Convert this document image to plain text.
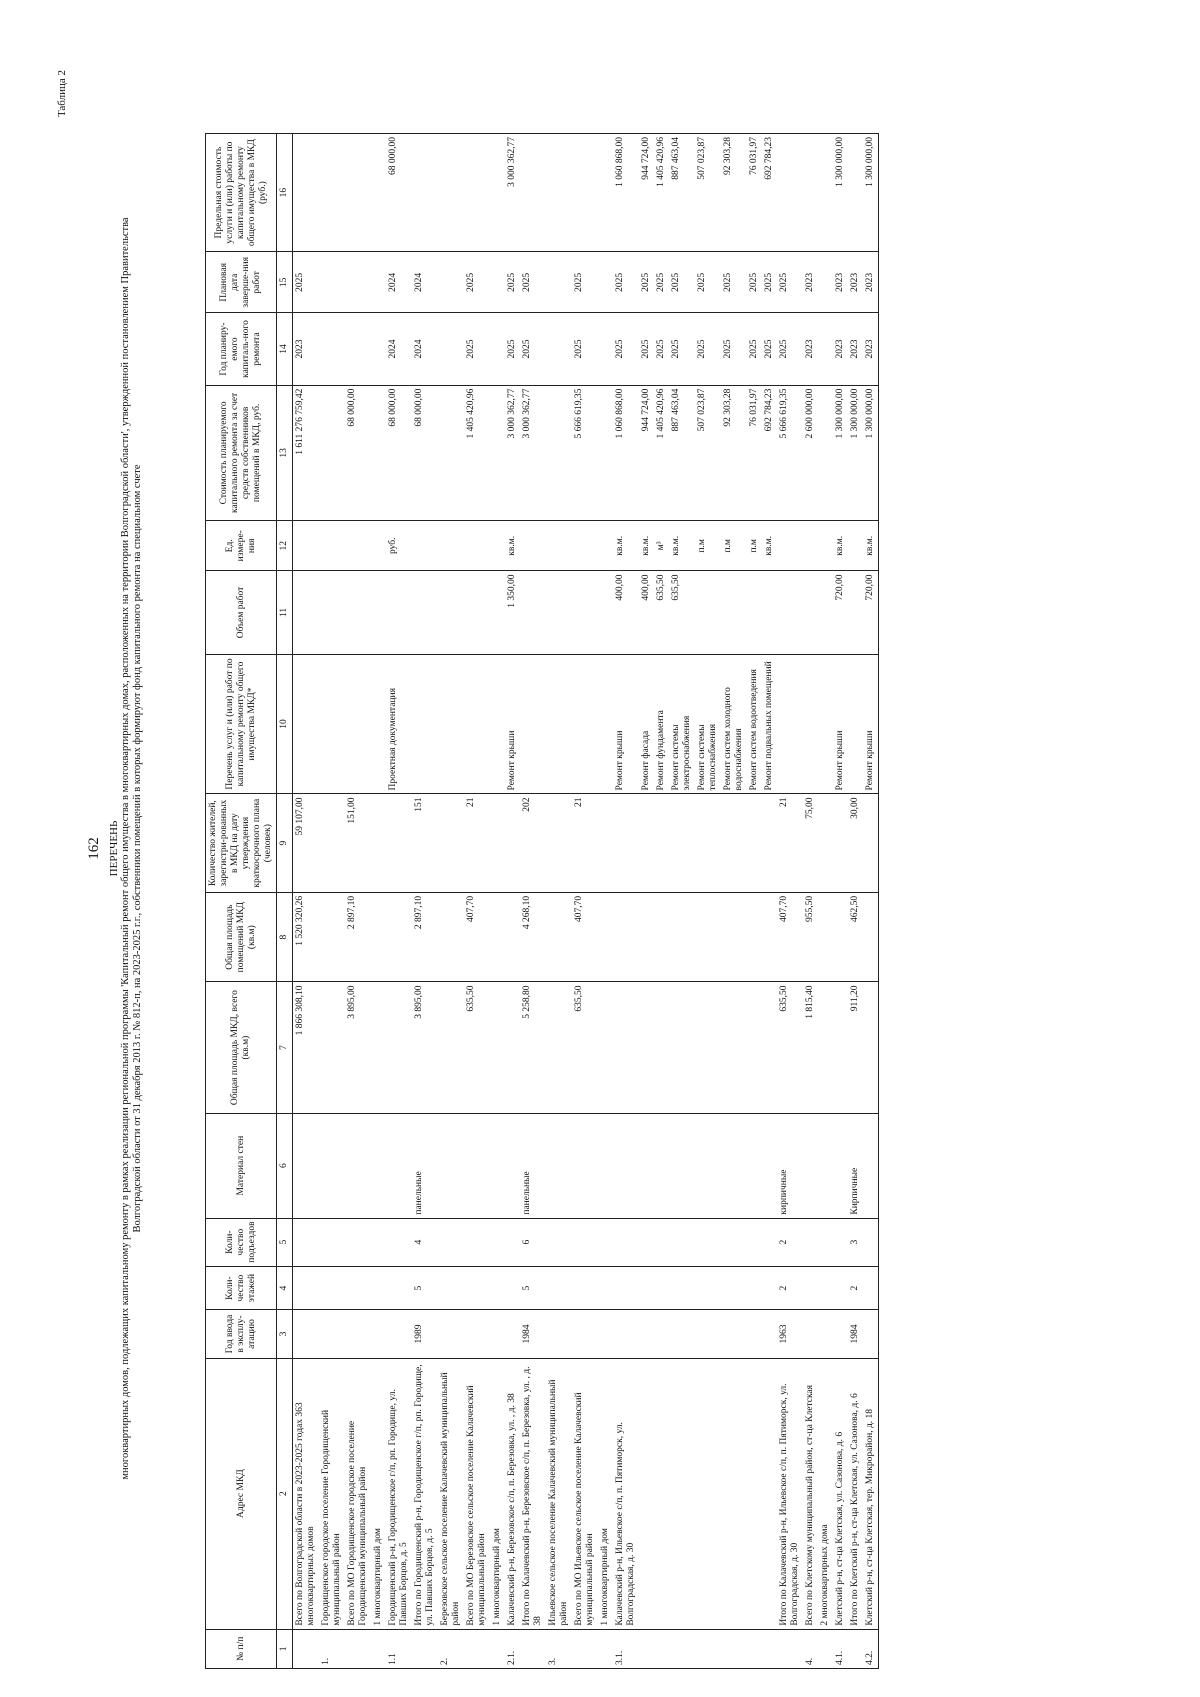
Таблица 2
162 ПЕРЕЧЕНЬ многоквартирных домов, подлежащих капитальному ремонту в рамках реализации региональной программы 'Капитальный ремонт общего имущества в многоквартирных домах, расположенных на территории Волгоградской области', утвержденной постановлением Правительства Волгоградской области от 31 декабря 2013 г. № 812-п, на 2023-2025 г.г., собственники помещений в которых формируют фонд капитального ремонта на специальном счете
№ п/п	Адрес МКД	Год ввода в эксплу-атацию	Коли-чество этажей	Коли-чество подъездов	Материал стен	Общая площадь МКД, всего (кв.м)	Общая площадь помещений МКД (кв.м)	Количество жителей, зарегистри-рованных в МКД на дату утверждения краткосрочного плана (человек)	Перечень услуг и (или) работ по капитальному ремонту общего имущества МКД*	Объем работ	Ед. измере-ния	Стоимость планируемого капитального ремонта за счет средств собственников помещений в МКД, руб.	Год планиру-емого капиталь-ного ремонта	Плановая дата заверше-ния работ	Предельная стоимость услуги и (или) работы по капитальному ремонту общего имущества в МКД (руб.)
1	2	3	4	5	6	7	8	9	10	11	12	13	14	15	16
	Всего по Волгоградской области в 2023-2025 годах 363 многоквартирных домов					1 866 308,10	1 520 320,26	59 107,00				1 611 276 759,42	2023	2025	
1.	Городищенское городское поселение Городищенский муниципальный район														
	Всего по МО Городищенское городское поселение Городищенский муниципальный район					3 895,00	2 897,10	151,00				68 000,00			
	1 многоквартирный дом														
1.1	Городищенский р-н, Городищенское г/п, рп. Городище, ул. Павших Борцов, д. 5								Проектная документация		руб.	68 000,00	2024	2024	68 000,00
	Итого по Городищенский р-н, Городищенское г/п, рп. Городище, ул. Павших Борцов, д. 5	1989	5	4	панельные	3 895,00	2 897,10	151				68 000,00	2024	2024	
2.	Березовское сельское поселение Калачевский муниципальный район														
	Всего по МО Березовское сельское поселение Калачевский муниципальный район					635,50	407,70	21				1 405 420,96	2025	2025	
	1 многоквартирный дом														
2.1.	Калачевский р-н, Березовское с/п, п. Березовка, ул. , д. 38								Ремонт крыши	1 350,00	кв.м.	3 000 362,77	2025	2025	3 000 362,77
	Итого по Калачевский р-н, Березовское с/п, п. Березовка, ул. , д. 38	1984	5	6	панельные	5 258,80	4 268,10	202				3 000 362,77	2025	2025	
3.	Ильевское сельское поселение Калачевский муниципальный район														
	Всего по МО Ильевское сельское поселение Калачевский муниципальный район					635,50	407,70	21				5 666 619,35	2025	2025	
	1 многоквартирный дом														
3.1.	Калачевский р-н, Ильевское с/п, п. Пятиморск, ул. Волгоградская, д. 30								Ремонт крыши	400,00	кв.м.	1 060 868,00	2025	2025	1 060 868,00
									Ремонт фасада	400,00	кв.м.	944 724,00	2025	2025	944 724,00
									Ремонт фундамента	635,50	м³	1 405 420,96	2025	2025	1 405 420,96
									Ремонт системы электроснабжения	635,50	кв.м.	887 463,04	2025	2025	887 463,04
									Ремонт системы теплоснабжения		п.м	507 023,87	2025	2025	507 023,87
									Ремонт систем холодного водоснабжения		п.м	92 303,28	2025	2025	92 303,28
									Ремонт систем водоотведения		п.м	76 031,97	2025	2025	76 031,97
									Ремонт подвальных помещений		кв.м.	692 784,23	2025	2025	692 784,23
	Итого по Калачевский р-н, Ильевское с/п, п. Пятиморск, ул. Волгоградская, д. 30	1963	2	2	кирпичные	635,50	407,70	21				5 666 619,35	2025	2025	
4.	Всего по Клетскому муниципальный район, ст-ца Клетская					1 815,40	955,50	75,00				2 600 000,00	2023	2023	
	2 многоквартирных дома														
4.1.	Клетский р-н, ст-ца Клетская, ул. Сазонова, д. 6								Ремонт крыши	720,00	кв.м.	1 300 000,00	2023	2023	1 300 000,00
	Итого по Клетский р-н, ст-ца Клетская, ул. Сазонова, д. 6	1984	2	3	Кирпичные	911,20	462,50	30,00				1 300 000,00	2023	2023	
4.2.	Клетский р-н, ст-ца Клетская, тер. Микрорайон, д. 18								Ремонт крыши	720,00	кв.м.	1 300 000,00	2023	2023	1 300 000,00
